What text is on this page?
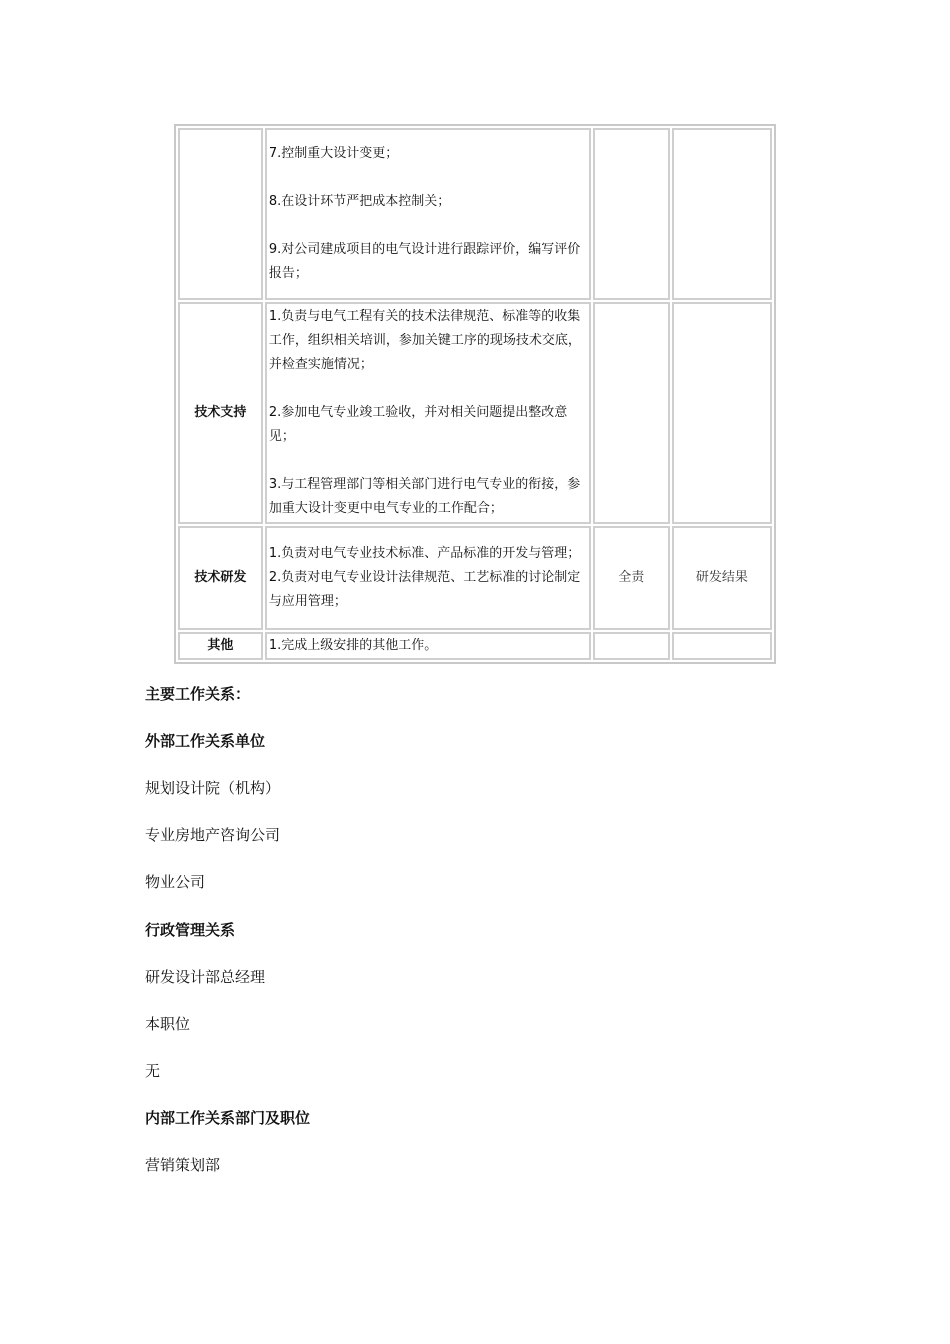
	7.控制重大设计变更；
8.在设计环节严把成本控制关；
9.对公司建成项目的电气设计进行跟踪评价，编写评价报告；		

技术支持	1.负责与电气工程有关的技术法律规范、标准等的收集工作，组织相关培训，参加关键工序的现场技术交底，并检查实施情况；
2.参加电气专业竣工验收，并对相关问题提出整改意见；
3.与工程管理部门等相关部门进行电气专业的衔接，参加重大设计变更中电气专业的工作配合；		

技术研发	1.负责对电气专业技术标准、产品标准的开发与管理；
2.负责对电气专业设计法律规范、工艺标准的讨论制定与应用管理；	全责	研发结果
其他	1.完成上级安排的其他工作。		

主要工作关系：
外部工作关系单位
规划设计院（机构）
专业房地产咨询公司
物业公司
行政管理关系
研发设计部总经理
本职位
无
内部工作关系部门及职位
营销策划部
